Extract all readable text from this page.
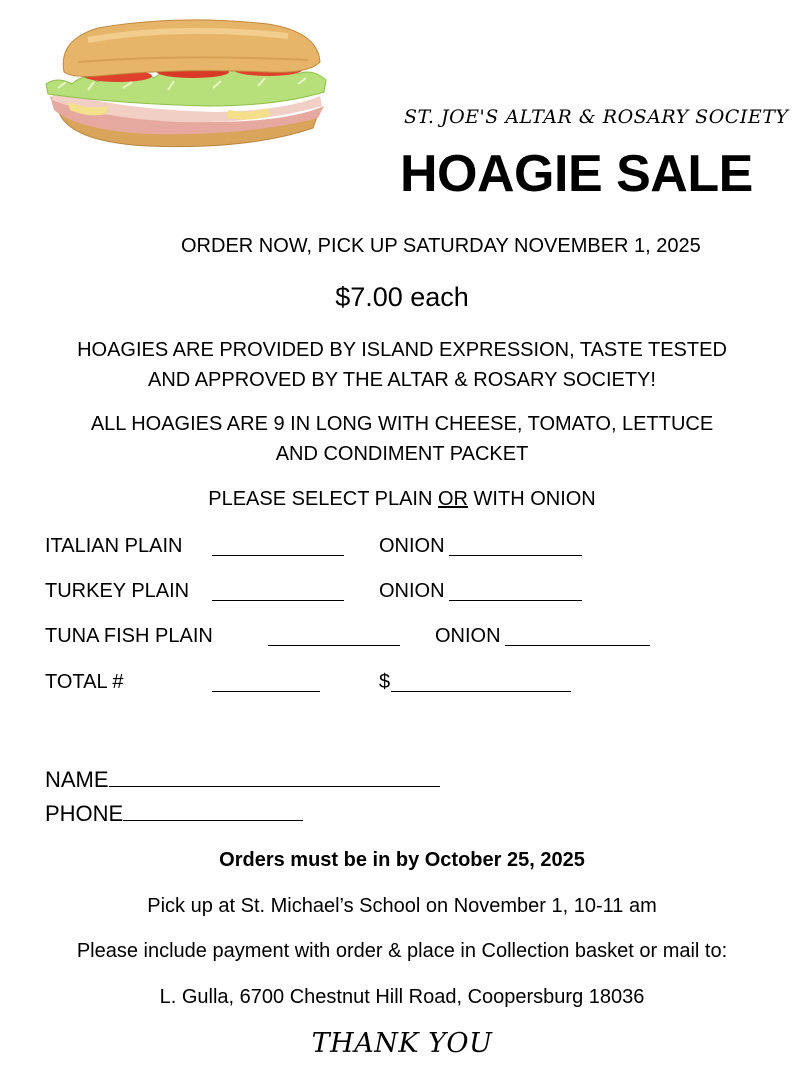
ST. JOE'S ALTAR & ROSARY SOCIETY
HOAGIE SALE
ORDER NOW, PICK UP SATURDAY NOVEMBER 1, 2025
$7.00 each
HOAGIES ARE PROVIDED BY ISLAND EXPRESSION, TASTE TESTED
AND APPROVED BY THE ALTAR & ROSARY SOCIETY!
ALL HOAGIES ARE 9 IN LONG WITH CHEESE, TOMATO, LETTUCE
AND CONDIMENT PACKET
PLEASE SELECT PLAIN OR WITH ONION
ITALIAN PLAIN	ONION
TURKEY PLAIN	ONION
TUNA FISH PLAIN	ONION
TOTAL #	$
NAME
PHONE
Orders must be in by October 25, 2025
Pick up at St. Michael’s School on November 1, 10-11 am
Please include payment with order & place in Collection basket or mail to:
L. Gulla, 6700 Chestnut Hill Road, Coopersburg 18036
THANK YOU
